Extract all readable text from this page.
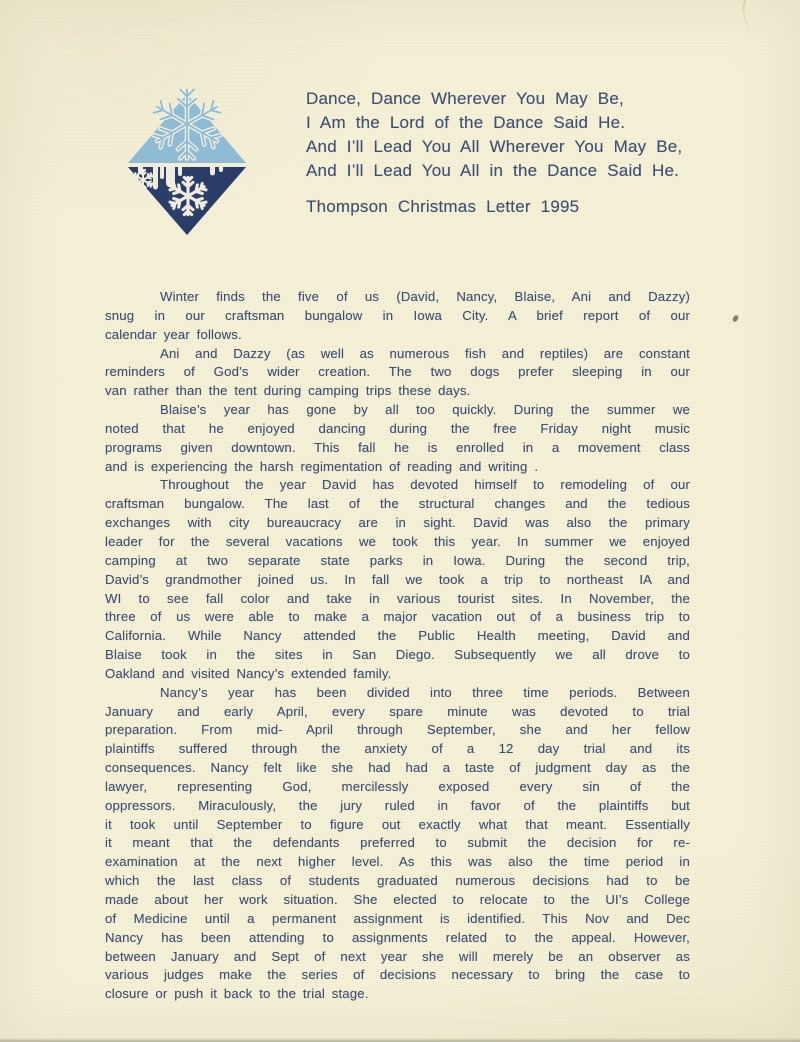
Dance, Dance Wherever You May Be,
I Am the Lord of the Dance Said He.
And I’ll Lead You All Wherever You May Be,
And I’ll Lead You All in the Dance Said He.
Thompson Christmas Letter 1995
Winter finds the five of us (David, Nancy, Blaise, Ani and Dazzy)
snug in our craftsman bungalow in Iowa City. A brief report of our
calendar year follows.
Ani and Dazzy (as well as numerous fish and reptiles) are constant
reminders of God’s wider creation. The two dogs prefer sleeping in our
van rather than the tent during camping trips these days.
Blaise’s year has gone by all too quickly. During the summer we
noted that he enjoyed dancing during the free Friday night music
programs given downtown. This fall he is enrolled in a movement class
and is experiencing the harsh regimentation of reading and writing .
Throughout the year David has devoted himself to remodeling of our
craftsman bungalow. The last of the structural changes and the tedious
exchanges with city bureaucracy are in sight. David was also the primary
leader for the several vacations we took this year. In summer we enjoyed
camping at two separate state parks in Iowa. During the second trip,
David’s grandmother joined us. In fall we took a trip to northeast IA and
WI to see fall color and take in various tourist sites. In November, the
three of us were able to make a major vacation out of a business trip to
California. While Nancy attended the Public Health meeting, David and
Blaise took in the sites in San Diego. Subsequently we all drove to
Oakland and visited Nancy’s extended family.
Nancy’s year has been divided into three time periods. Between
January and early April, every spare minute was devoted to trial
preparation. From mid- April through September, she and her fellow
plaintiffs suffered through the anxiety of a 12 day trial and its
consequences. Nancy felt like she had had a taste of judgment day as the
lawyer, representing God, mercilessly exposed every sin of the
oppressors. Miraculously, the jury ruled in favor of the plaintiffs but
it took until September to figure out exactly what that meant. Essentially
it meant that the defendants preferred to submit the decision for re-
examination at the next higher level. As this was also the time period in
which the last class of students graduated numerous decisions had to be
made about her work situation. She elected to relocate to the UI’s College
of Medicine until a permanent assignment is identified. This Nov and Dec
Nancy has been attending to assignments related to the appeal. However,
between January and Sept of next year she will merely be an observer as
various judges make the series of decisions necessary to bring the case to
closure or push it back to the trial stage.
